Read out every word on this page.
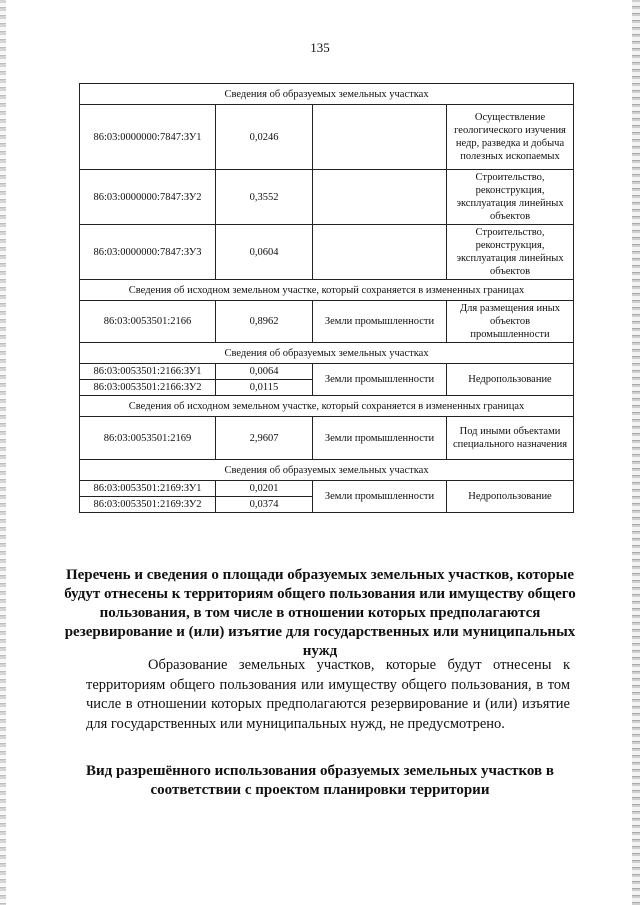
135
Сведения об образуемых земельных участках			
86:03:0000000:7847:ЗУ1	0,0246		Осуществление геологического изучения недр, разведка и добыча полезных ископаемых
86:03:0000000:7847:ЗУ2	0,3552		Строительство, реконструкция, эксплуатация линейных объектов
86:03:0000000:7847:ЗУ3	0,0604		Строительство, реконструкция, эксплуатация линейных объектов
Сведения об исходном земельном участке, который сохраняется в измененных границах			
86:03:0053501:2166	0,8962	Земли промышленности	Для размещения иных объектов промышленности
Сведения об образуемых земельных участках			
86:03:0053501:2166:ЗУ1	0,0064	Земли промышленности	Недропользование
86:03:0053501:2166:ЗУ2	0,0115		
Сведения об исходном земельном участке, который сохраняется в измененных границах			
86:03:0053501:2169	2,9607	Земли промышленности	Под иными объектами специального назначения
Сведения об образуемых земельных участках			
86:03:0053501:2169:ЗУ1	0,0201	Земли промышленности	Недропользование
86:03:0053501:2169:ЗУ2	0,0374		
Перечень и сведения о площади образуемых земельных участков, которые будут отнесены к территориям общего пользования или имуществу общего пользования, в том числе в отношении которых предполагаются резервирование и (или) изъятие для государственных или муниципальных нужд
Образование земельных участков, которые будут отнесены к территориям общего пользования или имуществу общего пользования, в том числе в отношении которых предполагаются резервирование и (или) изъятие для государственных или муниципальных нужд, не предусмотрено.
Вид разрешённого использования образуемых земельных участков в соответствии с проектом планировки территории
